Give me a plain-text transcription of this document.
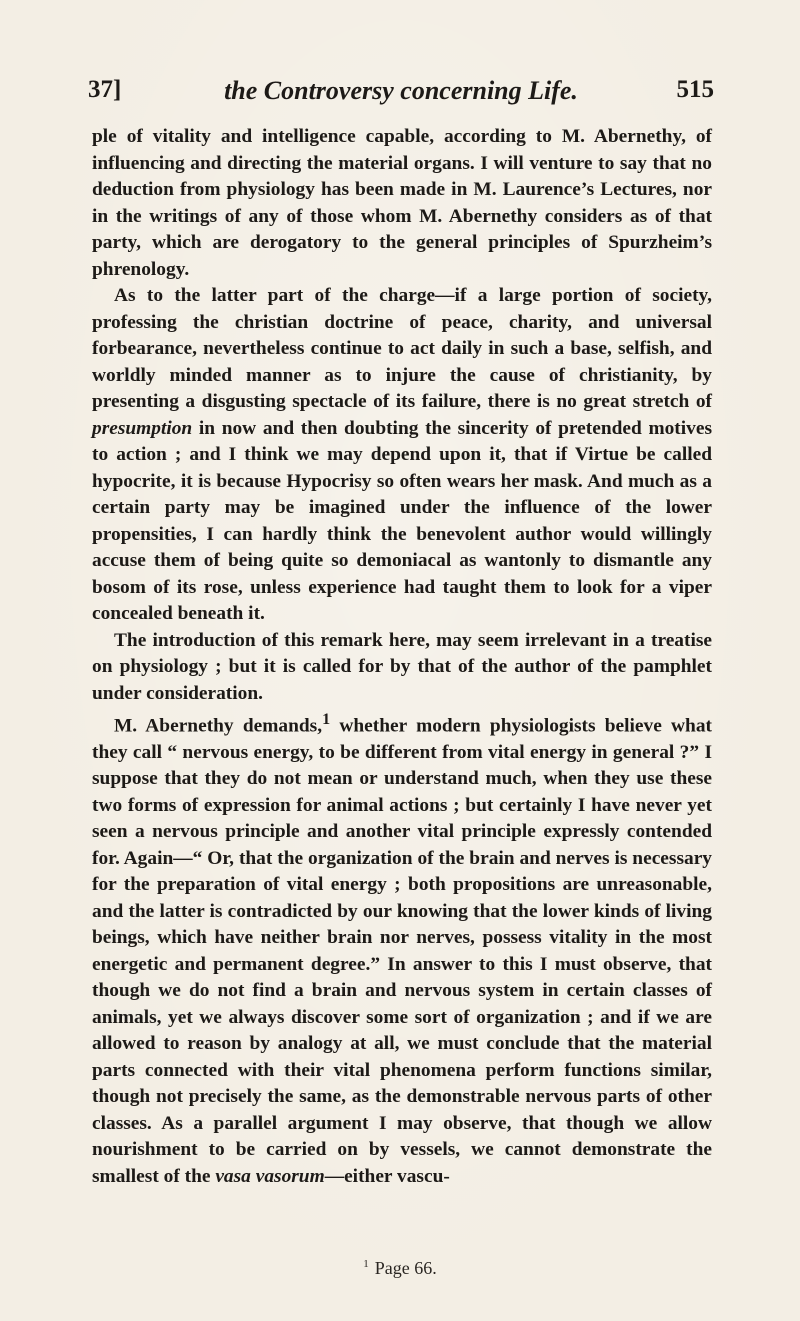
37]	the Controversy concerning Life.	515

ple of vitality and intelligence capable, according to M. Abernethy, of influencing and directing the material organs. I will venture to say that no deduction from physiology has been made in M. Laurence’s Lectures, nor in the writings of any of those whom M. Abernethy considers as of that party, which are derogatory to the general principles of Spurzheim’s phrenology.

As to the latter part of the charge—if a large portion of society, professing the christian doctrine of peace, charity, and universal forbearance, nevertheless continue to act daily in such a base, selfish, and worldly minded manner as to injure the cause of christianity, by presenting a disgusting spectacle of its failure, there is no great stretch of presumption in now and then doubting the sincerity of pretended motives to action ; and I think we may depend upon it, that if Virtue be called hypocrite, it is because Hypocrisy so often wears her mask. And much as a certain party may be imagined under the influence of the lower propensities, I can hardly think the benevolent author would willingly accuse them of being quite so demoniacal as wantonly to dismantle any bosom of its rose, unless experience had taught them to look for a viper concealed beneath it.

The introduction of this remark here, may seem irrelevant in a treatise on physiology ; but it is called for by that of the author of the pamphlet under consideration.

M. Abernethy demands,$^1$ whether modern physiologists believe what they call “ nervous energy, to be different from vital energy in general ?” I suppose that they do not mean or understand much, when they use these two forms of expression for animal actions ; but certainly I have never yet seen a nervous principle and another vital principle expressly contended for. Again—“ Or, that the organization of the brain and nerves is necessary for the preparation of vital energy ; both propositions are unreasonable, and the latter is contradicted by our knowing that the lower kinds of living beings, which have neither brain nor nerves, possess vitality in the most energetic and permanent degree.” In answer to this I must observe, that though we do not find a brain and nervous system in certain classes of animals, yet we always discover some sort of organization ; and if we are allowed to reason by analogy at all, we must conclude that the material parts connected with their vital phenomena perform functions similar, though not precisely the same, as the demonstrable nervous parts of other classes. As a parallel argument I may observe, that though we allow nourishment to be carried on by vessels, we cannot demonstrate the smallest of the vasa vasorum—either vascu-

$^1$ Page 66.
